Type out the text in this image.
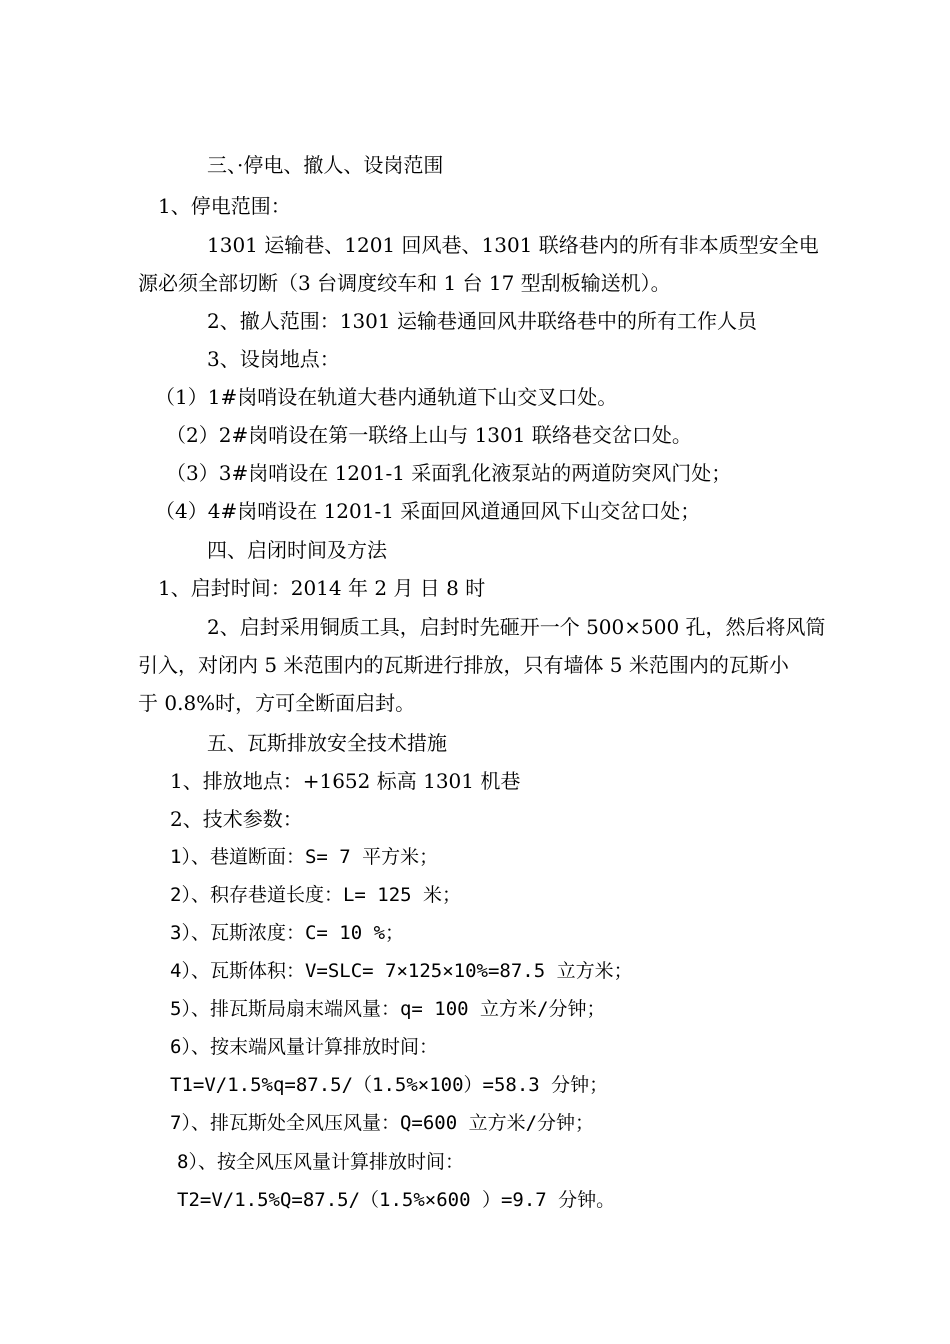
三、·停电、撤人、设岗范围
1、停电范围：
1301 运输巷、1201 回风巷、1301 联络巷内的所有非本质型安全电
源必须全部切断（3 台调度绞车和 1 台 17 型刮板输送机）。
2、撤人范围：1301 运输巷通回风井联络巷中的所有工作人员
3、设岗地点：
（1）1#岗哨设在轨道大巷内通轨道下山交叉口处。
（2）2#岗哨设在第一联络上山与 1301 联络巷交岔口处。
（3）3#岗哨设在 1201-1 采面乳化液泵站的两道防突风门处；
（4）4#岗哨设在 1201-1 采面回风道通回风下山交岔口处；
四、启闭时间及方法
1、启封时间：2014 年 2 月 日 8 时
2、启封采用铜质工具，启封时先砸开一个 500×500 孔，然后将风筒
引入，对闭内 5 米范围内的瓦斯进行排放，只有墙体 5 米范围内的瓦斯小
于 0.8%时，方可全断面启封。
五、瓦斯排放安全技术措施
1、排放地点：+1652 标高 1301 机巷
2、技术参数：
1）、巷道断面：S= 7 平方米；
2）、积存巷道长度：L= 125 米；
3）、瓦斯浓度：C= 10 %；
4）、瓦斯体积：V=SLC= 7×125×10%=87.5 立方米；
5）、排瓦斯局扇末端风量：q= 100 立方米/分钟；
6）、按末端风量计算排放时间：
T1=V/1.5%q=87.5/（1.5%×100）=58.3 分钟；
7）、排瓦斯处全风压风量：Q=600 立方米/分钟；
8）、按全风压风量计算排放时间：
T2=V/1.5%Q=87.5/（1.5%×600 ）=9.7 分钟。
